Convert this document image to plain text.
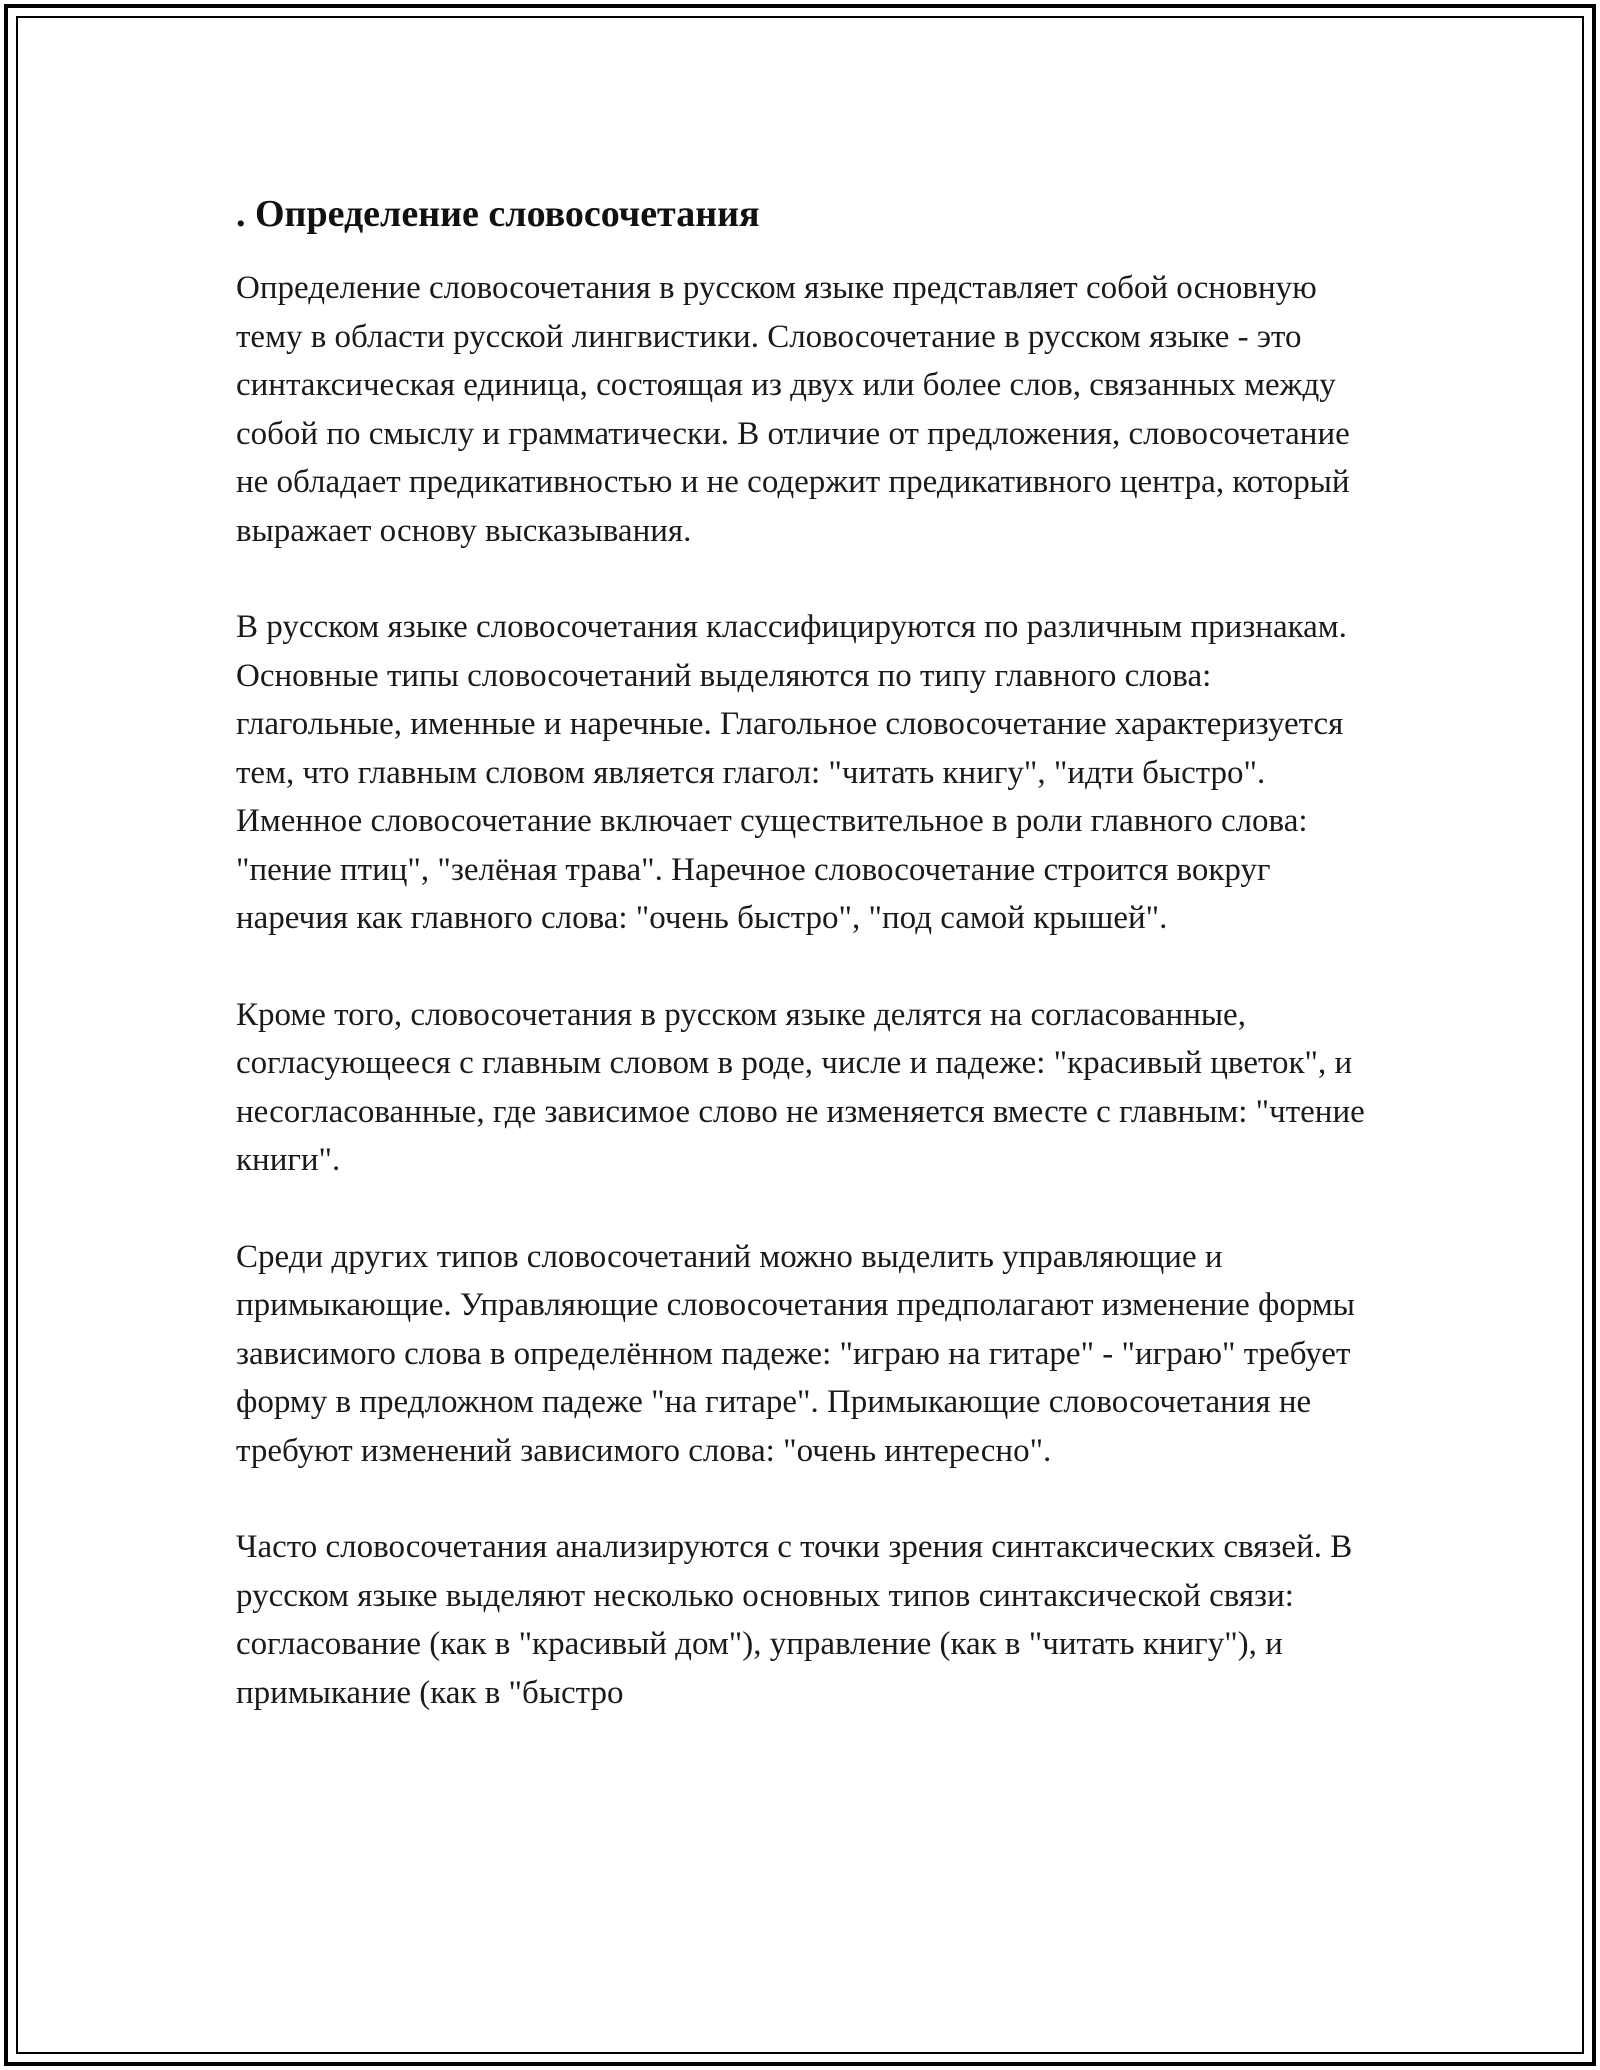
. Определение словосочетания

Определение словосочетания в русском языке представляет собой основную тему в области русской лингвистики. Словосочетание в русском языке - это синтаксическая единица, состоящая из двух или более слов, связанных между собой по смыслу и грамматически. В отличие от предложения, словосочетание не обладает предикативностью и не содержит предикативного центра, который выражает основу высказывания.

В русском языке словосочетания классифицируются по различным признакам. Основные типы словосочетаний выделяются по типу главного слова: глагольные, именные и наречные. Глагольное словосочетание характеризуется тем, что главным словом является глагол: "читать книгу", "идти быстро". Именное словосочетание включает существительное в роли главного слова: "пение птиц", "зелёная трава". Наречное словосочетание строится вокруг наречия как главного слова: "очень быстро", "под самой крышей".

Кроме того, словосочетания в русском языке делятся на согласованные, согласующееся с главным словом в роде, числе и падеже: "красивый цветок", и несогласованные, где зависимое слово не изменяется вместе с главным: "чтение книги".

Среди других типов словосочетаний можно выделить управляющие и примыкающие. Управляющие словосочетания предполагают изменение формы зависимого слова в определённом падеже: "играю на гитаре" - "играю" требует форму в предложном падеже "на гитаре". Примыкающие словосочетания не требуют изменений зависимого слова: "очень интересно".

Часто словосочетания анализируются с точки зрения синтаксических связей. В русском языке выделяют несколько основных типов синтаксической связи: согласование (как в "красивый дом"), управление (как в "читать книгу"), и примыкание (как в "быстро
